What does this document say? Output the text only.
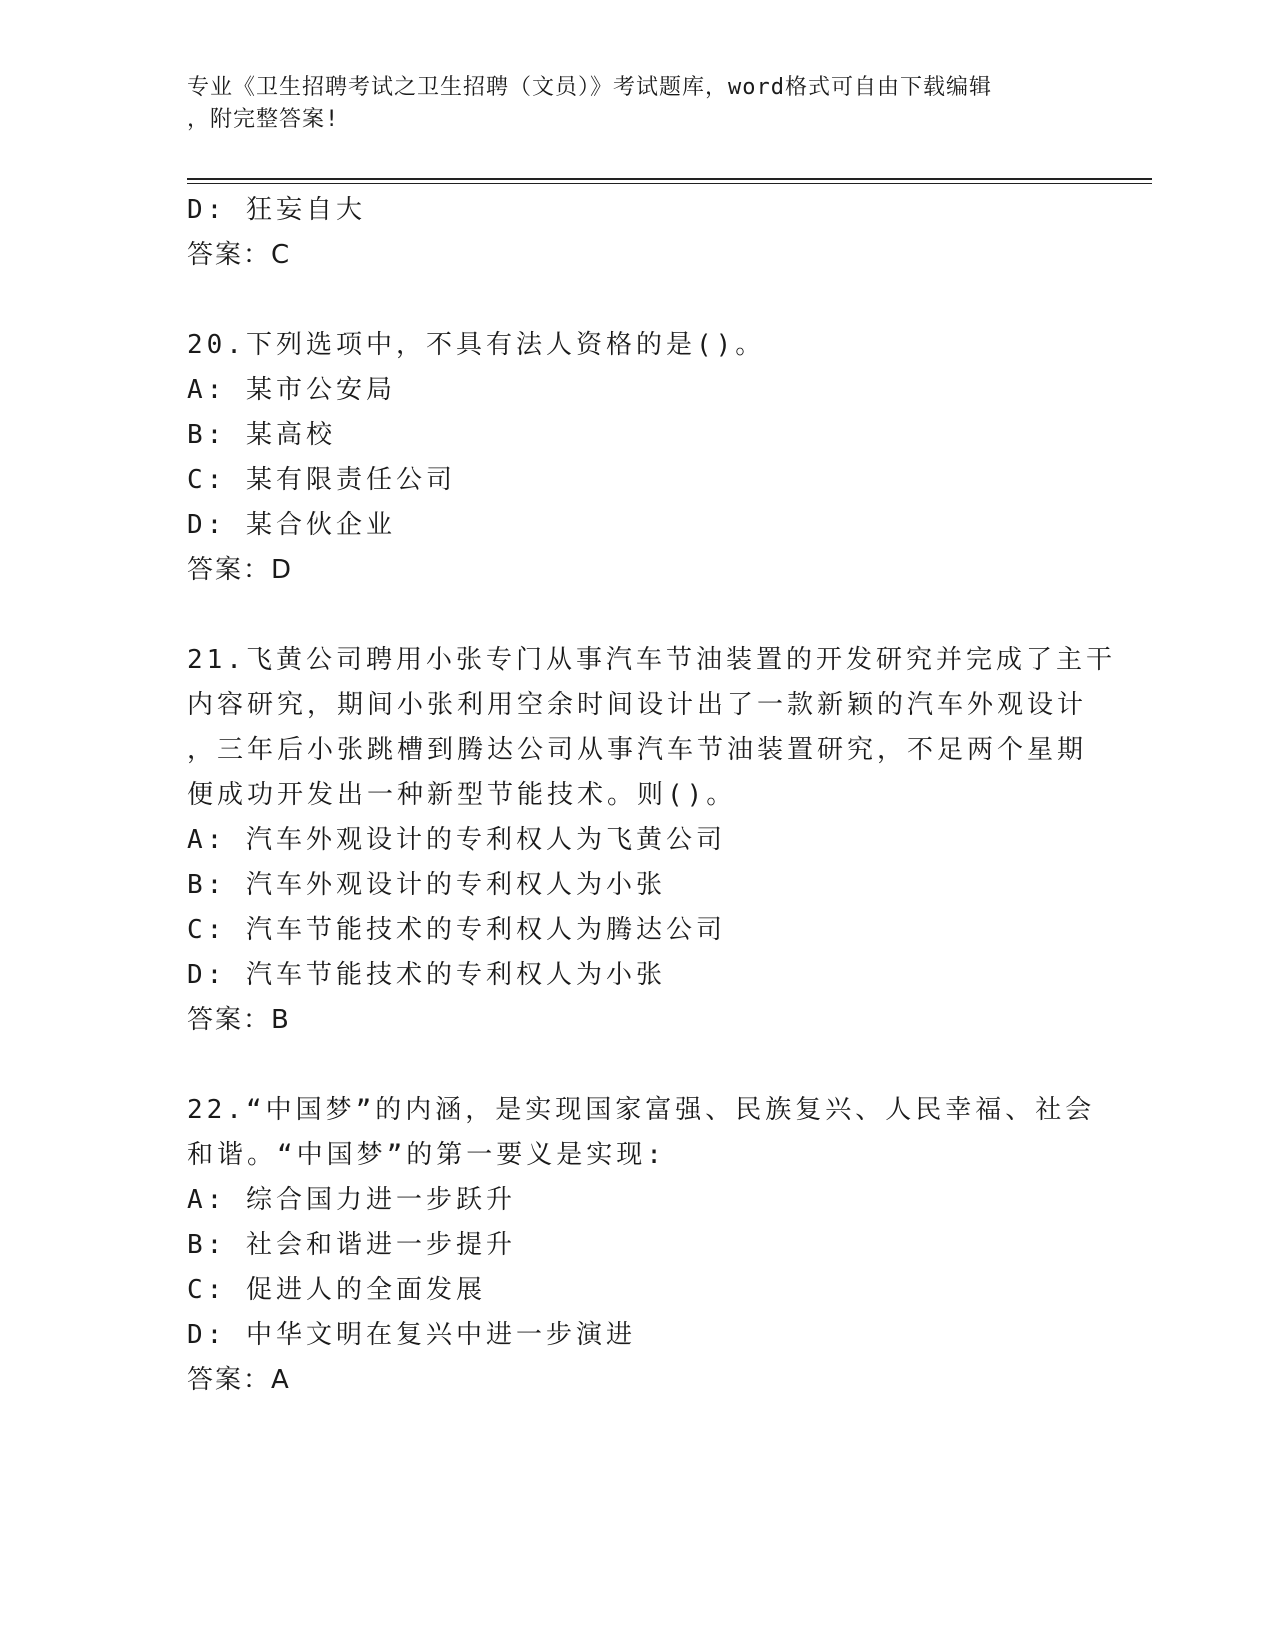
专业《卫生招聘考试之卫生招聘（文员）》考试题库，word格式可自由下载编辑
，附完整答案!
D: 狂妄自大
答案：C
20.下列选项中，不具有法人资格的是()。
A: 某市公安局
B: 某高校
C: 某有限责任公司
D: 某合伙企业
答案：D
21.飞黄公司聘用小张专门从事汽车节油装置的开发研究并完成了主干
内容研究，期间小张利用空余时间设计出了一款新颖的汽车外观设计
，三年后小张跳槽到腾达公司从事汽车节油装置研究，不足两个星期
便成功开发出一种新型节能技术。则()。
A: 汽车外观设计的专利权人为飞黄公司
B: 汽车外观设计的专利权人为小张
C: 汽车节能技术的专利权人为腾达公司
D: 汽车节能技术的专利权人为小张
答案：B
22.“中国梦”的内涵，是实现国家富强、民族复兴、人民幸福、社会
和谐。“中国梦”的第一要义是实现:
A: 综合国力进一步跃升
B: 社会和谐进一步提升
C: 促进人的全面发展
D: 中华文明在复兴中进一步演进
答案：A
